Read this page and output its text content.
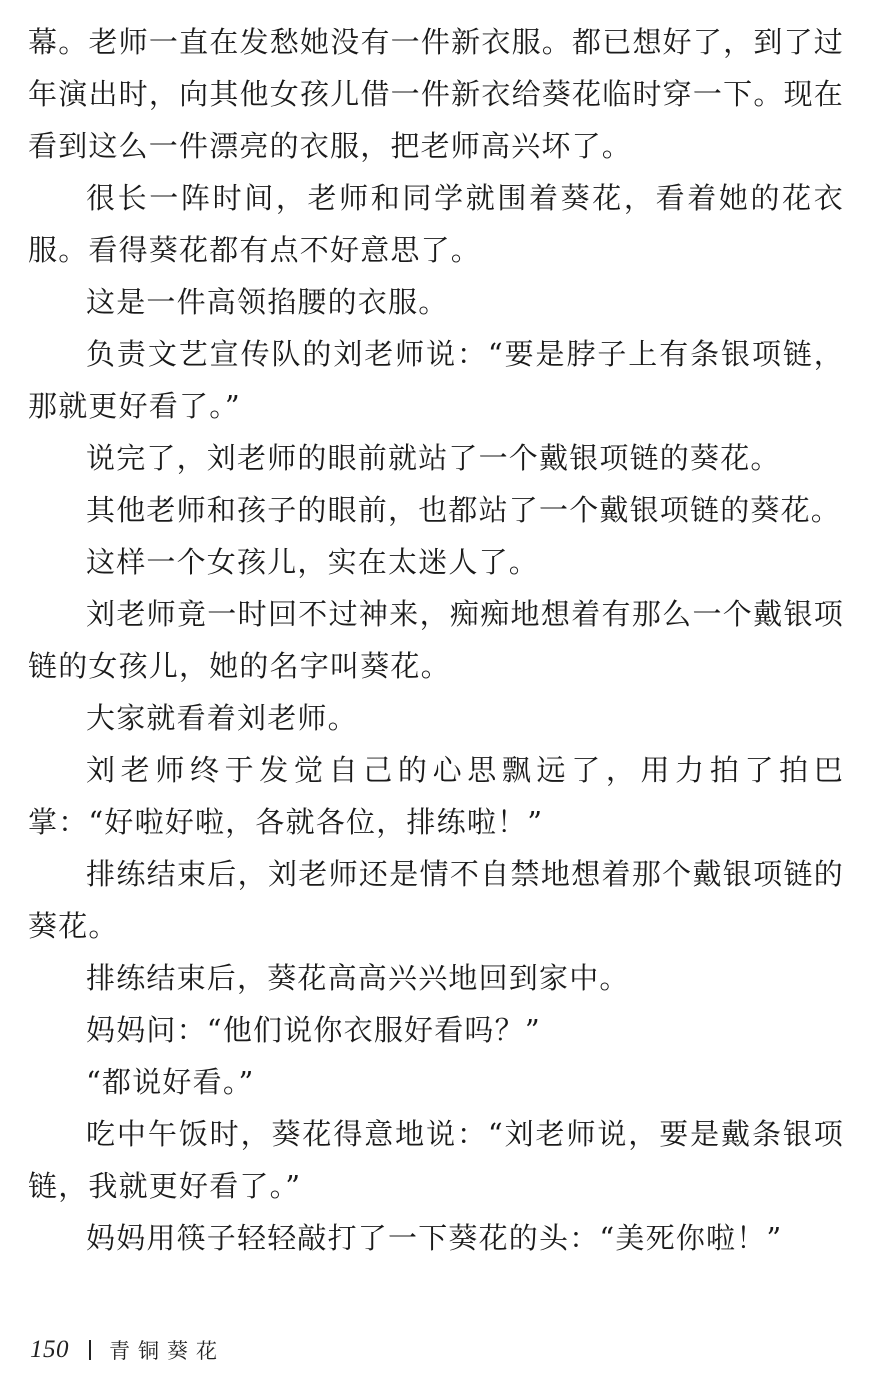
幕。老师一直在发愁她没有一件新衣服。都已想好了，到了过年演出时，向其他女孩儿借一件新衣给葵花临时穿一下。现在看到这么一件漂亮的衣服，把老师高兴坏了。

很长一阵时间，老师和同学就围着葵花，看着她的花衣服。看得葵花都有点不好意思了。

这是一件高领掐腰的衣服。

负责文艺宣传队的刘老师说：“要是脖子上有条银项链，那就更好看了。”

说完了，刘老师的眼前就站了一个戴银项链的葵花。

其他老师和孩子的眼前，也都站了一个戴银项链的葵花。

这样一个女孩儿，实在太迷人了。

刘老师竟一时回不过神来，痴痴地想着有那么一个戴银项链的女孩儿，她的名字叫葵花。

大家就看着刘老师。

刘老师终于发觉自己的心思飘远了，用力拍了拍巴掌：“好啦好啦，各就各位，排练啦！”

排练结束后，刘老师还是情不自禁地想着那个戴银项链的葵花。

排练结束后，葵花高高兴兴地回到家中。

妈妈问：“他们说你衣服好看吗？”

“都说好看。”

吃中午饭时，葵花得意地说：“刘老师说，要是戴条银项链，我就更好看了。”

妈妈用筷子轻轻敲打了一下葵花的头：“美死你啦！”

150 青铜葵花
